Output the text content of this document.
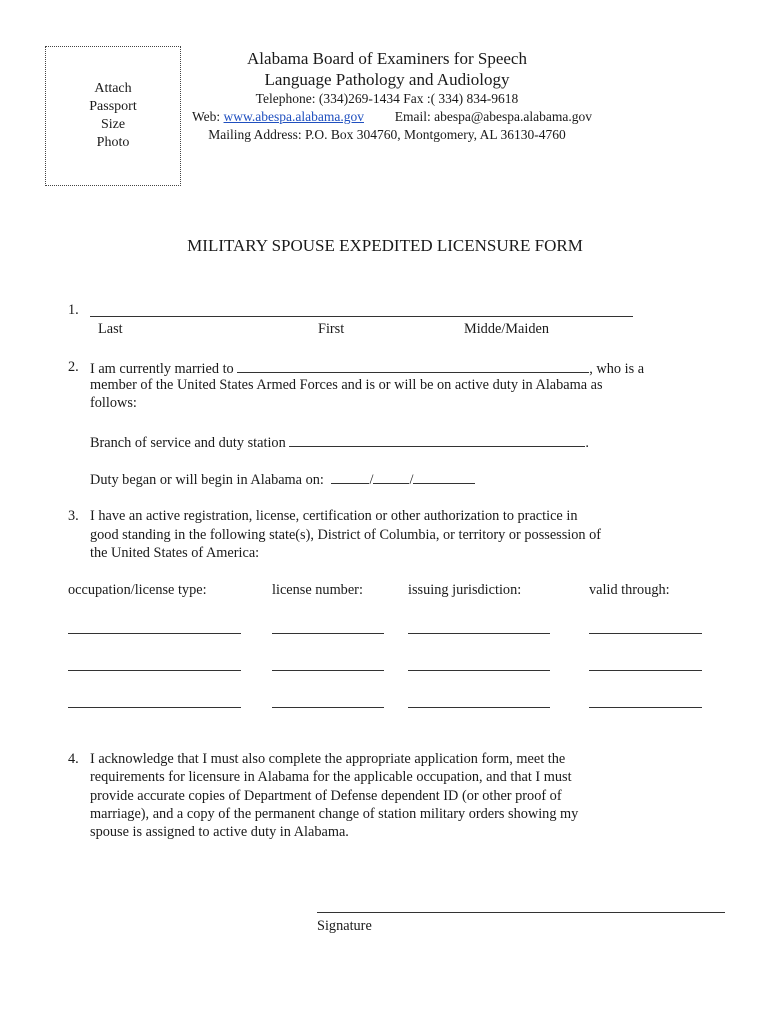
Attach
Passport
Size
Photo
Alabama Board of Examiners for Speech
Language Pathology and Audiology
Telephone: (334)269-1434 Fax :( 334) 834-9618
Web: www.abespa.alabama.gov Email: abespa@abespa.alabama.gov
Mailing Address: P.O. Box 304760, Montgomery, AL 36130-4760
MILITARY SPOUSE EXPEDITED LICENSURE FORM
1.
Last	First	Midde/Maiden
2. I am currently married to	, who is a
member of the United States Armed Forces and is or will be on active duty in Alabama as
follows:
Branch of service and duty station	.
Duty began or will begin in Alabama on:	/	/
3. I have an active registration, license, certification or other authorization to practice in
good standing in the following state(s), District of Columbia, or territory or possession of
the United States of America:
occupation/license type:	license number:	issuing jurisdiction:	valid through:
4. I acknowledge that I must also complete the appropriate application form, meet the
requirements for licensure in Alabama for the applicable occupation, and that I must
provide accurate copies of Department of Defense dependent ID (or other proof of
marriage), and a copy of the permanent change of station military orders showing my
spouse is assigned to active duty in Alabama.
Signature
